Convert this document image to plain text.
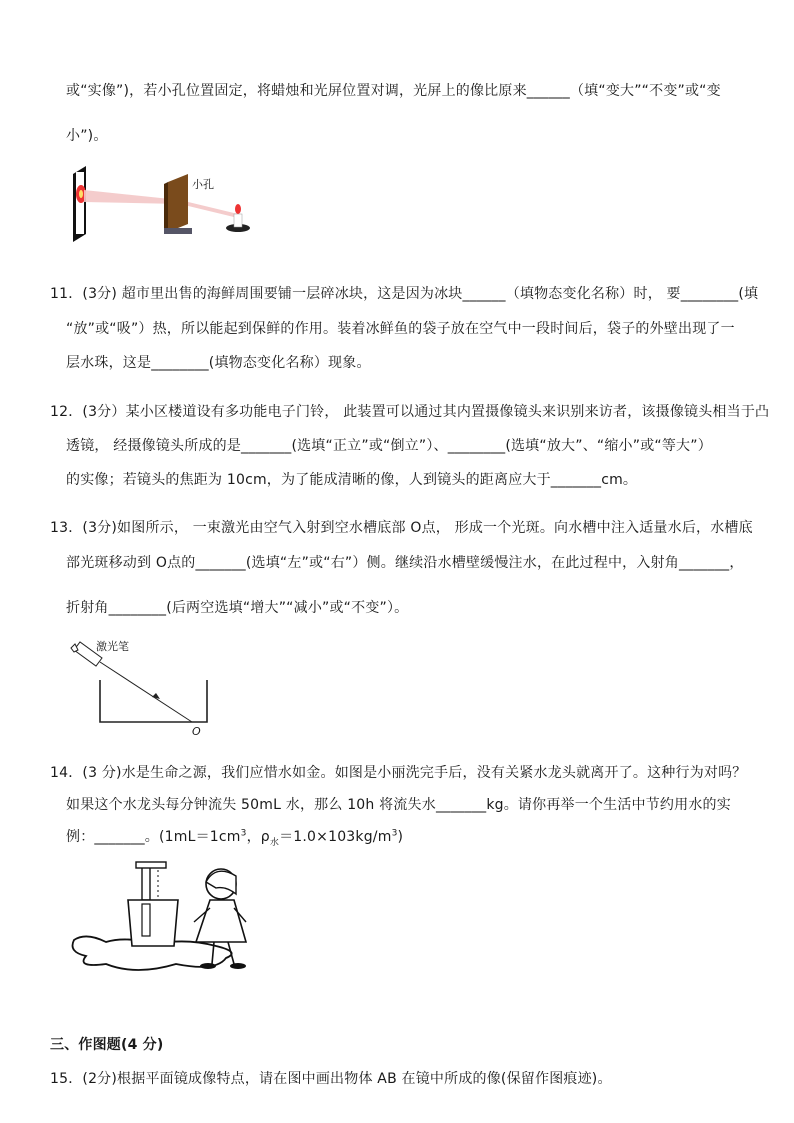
或“实像”)，若小孔位置固定，将蜡烛和光屏位置对调，光屏上的像比原来______（填“变大”“不变”或“变
小”)。
小孔
11．(3分) 超市里出售的海鲜周围要铺一层碎冰块，这是因为冰块______（填物态变化名称）时， 要________(填
“放”或“吸”）热，所以能起到保鲜的作用。装着冰鲜鱼的袋子放在空气中一段时间后，袋子的外壁出现了一
层水珠，这是________(填物态变化名称）现象。
12．(3分）某小区楼道设有多功能电子门铃， 此装置可以通过其内置摄像镜头来识别来访者，该摄像镜头相当于凸
透镜， 经摄像镜头所成的是_______(选填“正立”或“倒立”）、________(选填“放大”、“缩小”或“等大”）
的实像；若镜头的焦距为 10cm，为了能成清晰的像，人到镜头的距离应大于_______cm。
13．(3分)如图所示， 一束激光由空气入射到空水槽底部 O点， 形成一个光斑。向水槽中注入适量水后，水槽底
部光斑移动到 O点的_______(选填“左”或“右”）侧。继续沿水槽壁缓慢注水，在此过程中，入射角_______，
折射角________(后两空选填“增大”“减小”或“不变”）。
激光笔
O
14．(3 分)水是生命之源，我们应惜水如金。如图是小丽洗完手后，没有关紧水龙头就离开了。这种行为对吗？
如果这个水龙头每分钟流失 50mL 水，那么 10h 将流失水_______kg。请你再举一个生活中节约用水的实
例：_______。($1mL=1cm^3$，$\rho_水=1.0\times 103kg/m^3$)
三、作图题(4 分)
15．(2分)根据平面镜成像特点，请在图中画出物体 AB 在镜中所成的像(保留作图痕迹)。
